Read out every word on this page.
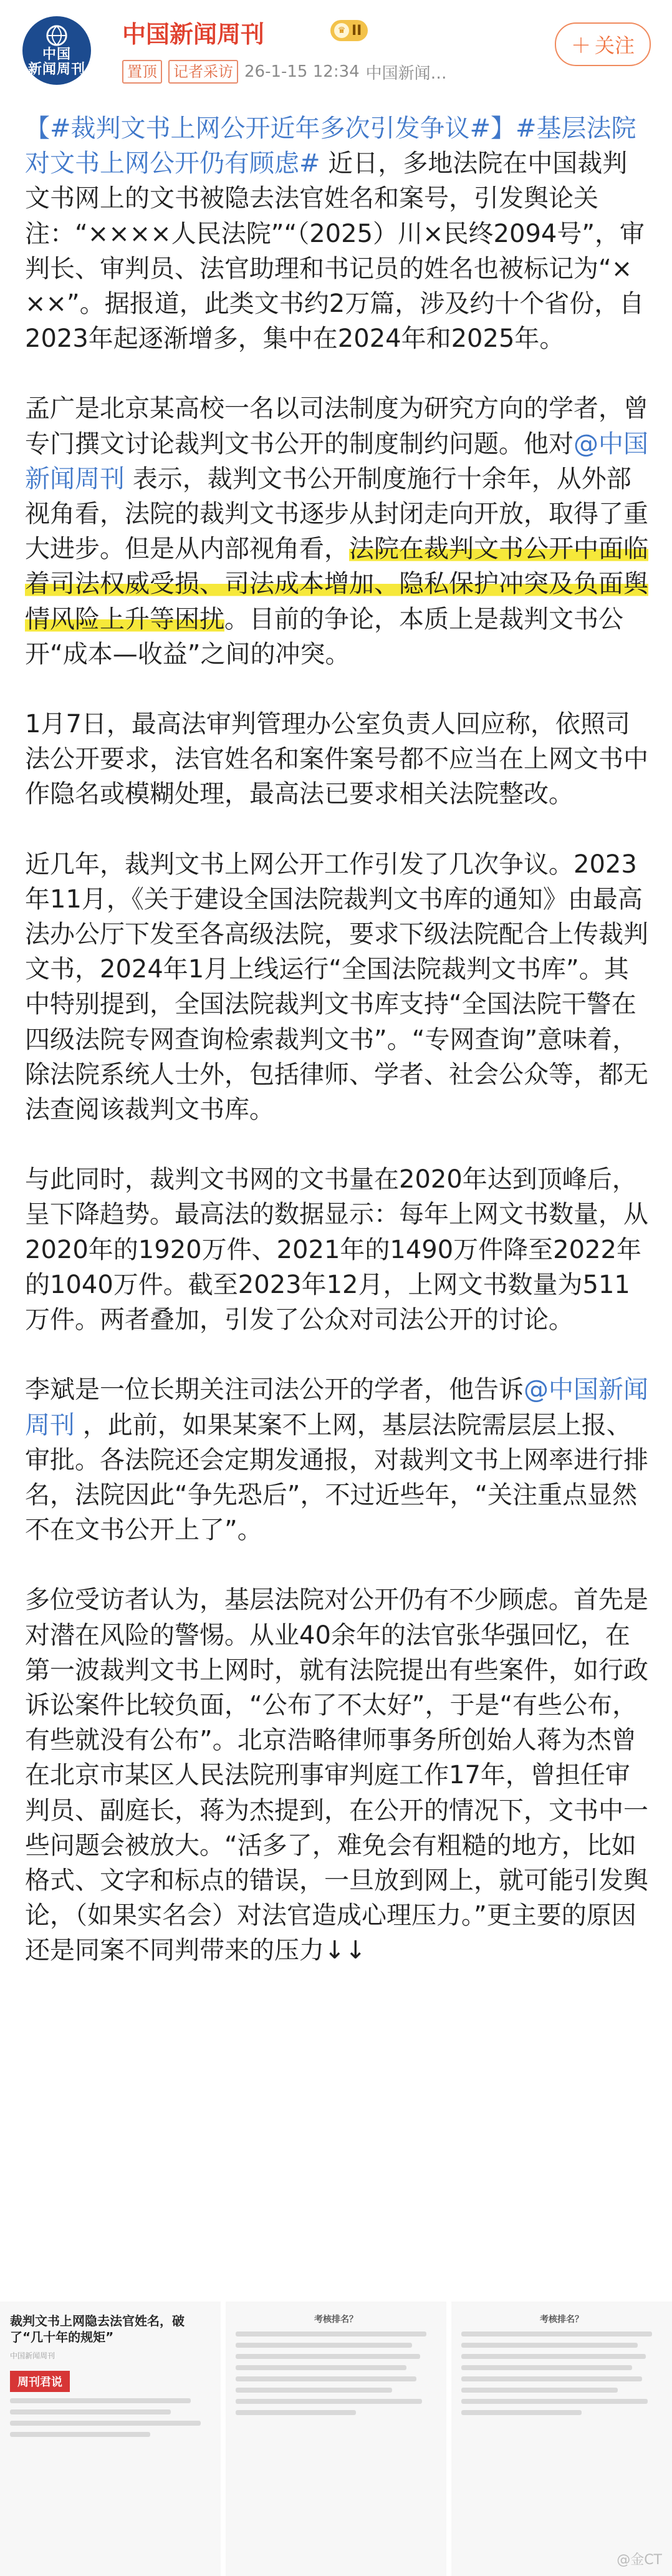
中国
新闻周刊
中国新闻周刊	♛ II
置顶	记者采访 26-1-15 12:34 中国新闻…
＋ 关注

【#裁判文书上网公开近年多次引发争议#】#基层法院对文书上网公开仍有顾虑# 近日，多地法院在中国裁判文书网上的文书被隐去法官姓名和案号，引发舆论关注：“××××人民法院”“（2025）川×民终2094号”，审判长、审判员、法官助理和书记员的姓名也被标记为“×××”。据报道，此类文书约2万篇，涉及约十个省份，自2023年起逐渐增多，集中在2024年和2025年。

孟广是北京某高校一名以司法制度为研究方向的学者，曾专门撰文讨论裁判文书公开的制度制约问题。他对@中国新闻周刊 表示，裁判文书公开制度施行十余年，从外部视角看，法院的裁判文书逐步从封闭走向开放，取得了重大进步。但是从内部视角看，法院在裁判文书公开中面临着司法权威受损、司法成本增加、隐私保护冲突及负面舆情风险上升等困扰。目前的争论，本质上是裁判文书公开“成本—收益”之间的冲突。

1月7日，最高法审判管理办公室负责人回应称，依照司法公开要求，法官姓名和案件案号都不应当在上网文书中作隐名或模糊处理，最高法已要求相关法院整改。

近几年，裁判文书上网公开工作引发了几次争议。2023年11月，《关于建设全国法院裁判文书库的通知》由最高法办公厅下发至各高级法院，要求下级法院配合上传裁判文书，2024年1月上线运行“全国法院裁判文书库”。其中特别提到，全国法院裁判文书库支持“全国法院干警在四级法院专网查询检索裁判文书”。“专网查询”意味着，除法院系统人士外，包括律师、学者、社会公众等，都无法查阅该裁判文书库。

与此同时，裁判文书网的文书量在2020年达到顶峰后，呈下降趋势。最高法的数据显示：每年上网文书数量，从2020年的1920万件、2021年的1490万件降至2022年的1040万件。截至2023年12月，上网文书数量为511万件。两者叠加，引发了公众对司法公开的讨论。

李斌是一位长期关注司法公开的学者，他告诉@中国新闻周刊 ，此前，如果某案不上网，基层法院需层层上报、审批。各法院还会定期发通报，对裁判文书上网率进行排名，法院因此“争先恐后”，不过近些年，“关注重点显然不在文书公开上了”。

多位受访者认为，基层法院对公开仍有不少顾虑。首先是对潜在风险的警惕。从业40余年的法官张华强回忆，在第一波裁判文书上网时，就有法院提出有些案件，如行政诉讼案件比较负面，“公布了不太好”，于是“有些公布，有些就没有公布”。北京浩略律师事务所创始人蒋为杰曾在北京市某区人民法院刑事审判庭工作17年，曾担任审判员、副庭长，蒋为杰提到，在公开的情况下，文书中一些问题会被放大。“活多了，难免会有粗糙的地方，比如格式、文字和标点的错误，一旦放到网上，就可能引发舆论，（如果实名会）对法官造成心理压力。”更主要的原因还是同案不同判带来的压力↓↓

裁判文书上网隐去法官姓名，破了“几十年的规矩”
中国新闻周刊
周刊君说
考核排名？	考核排名？
@金CT
